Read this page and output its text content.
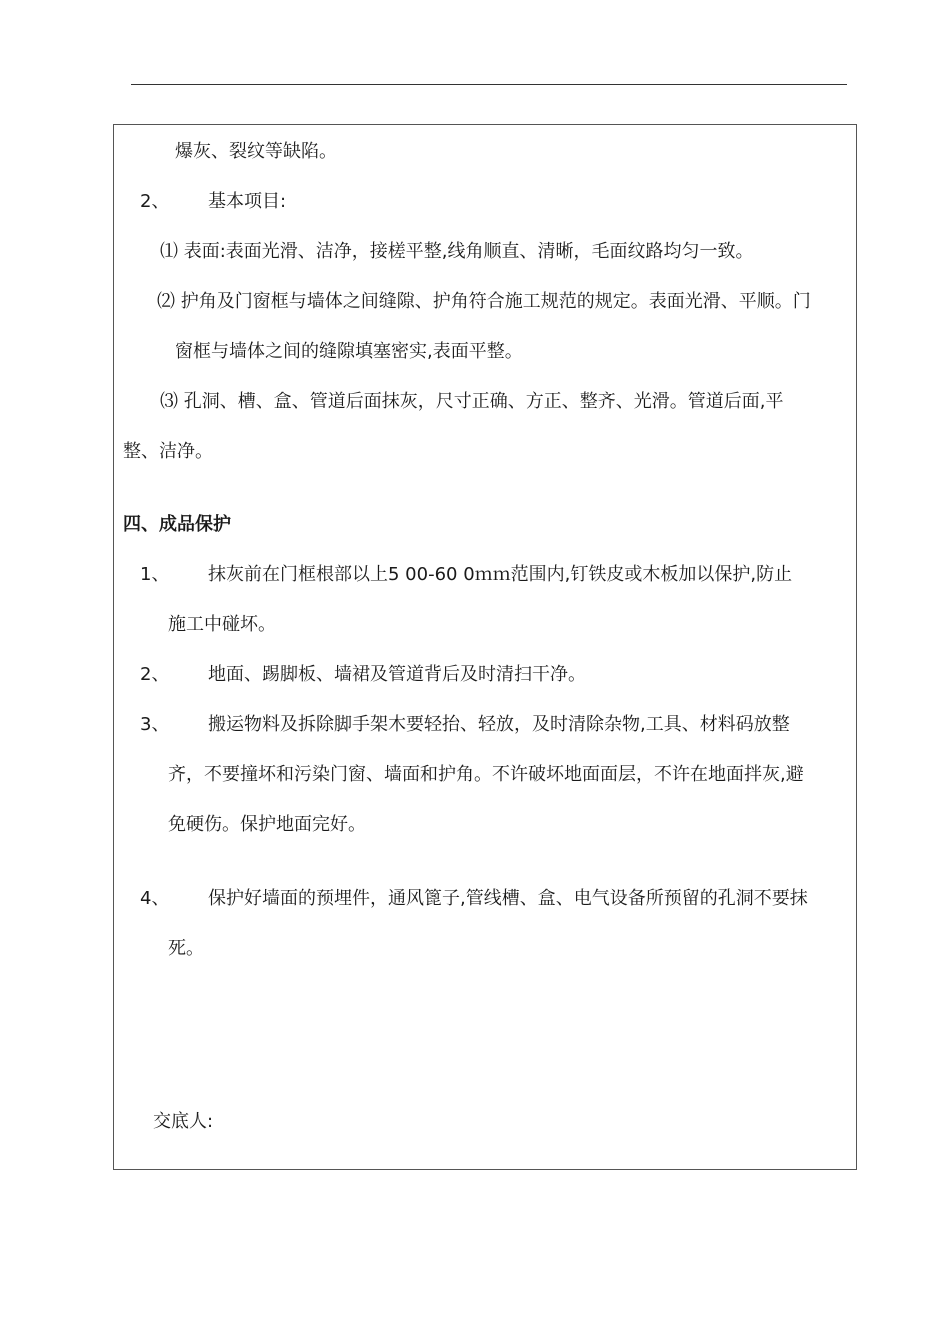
爆灰、裂纹等缺陷。
2、 基本项目:
⑴ 表面:表面光滑、洁净，接槎平整,线角顺直、清晰，毛面纹路均匀一致。
⑵ 护角及门窗框与墙体之间缝隙、护角符合施工规范的规定。表面光滑、平顺。门
窗框与墙体之间的缝隙填塞密实,表面平整。
⑶ 孔洞、槽、盒、管道后面抹灰，尺寸正确、方正、整齐、光滑。管道后面,平
整、洁净。
四、成品保护
1、 抹灰前在门框根部以上5 00-60 0ｍｍ范围内,钉铁皮或木板加以保护,防止
施工中碰坏。
2、 地面、踢脚板、墙裙及管道背后及时清扫干净。
3、 搬运物料及拆除脚手架木要轻抬、轻放，及时清除杂物,工具、材料码放整
齐，不要撞坏和污染门窗、墙面和护角。不许破坏地面面层，不许在地面拌灰,避
免硬伤。保护地面完好。
4、 保护好墙面的预埋件，通风篦子,管线槽、盒、电气设备所预留的孔洞不要抹
死。
交底人:
